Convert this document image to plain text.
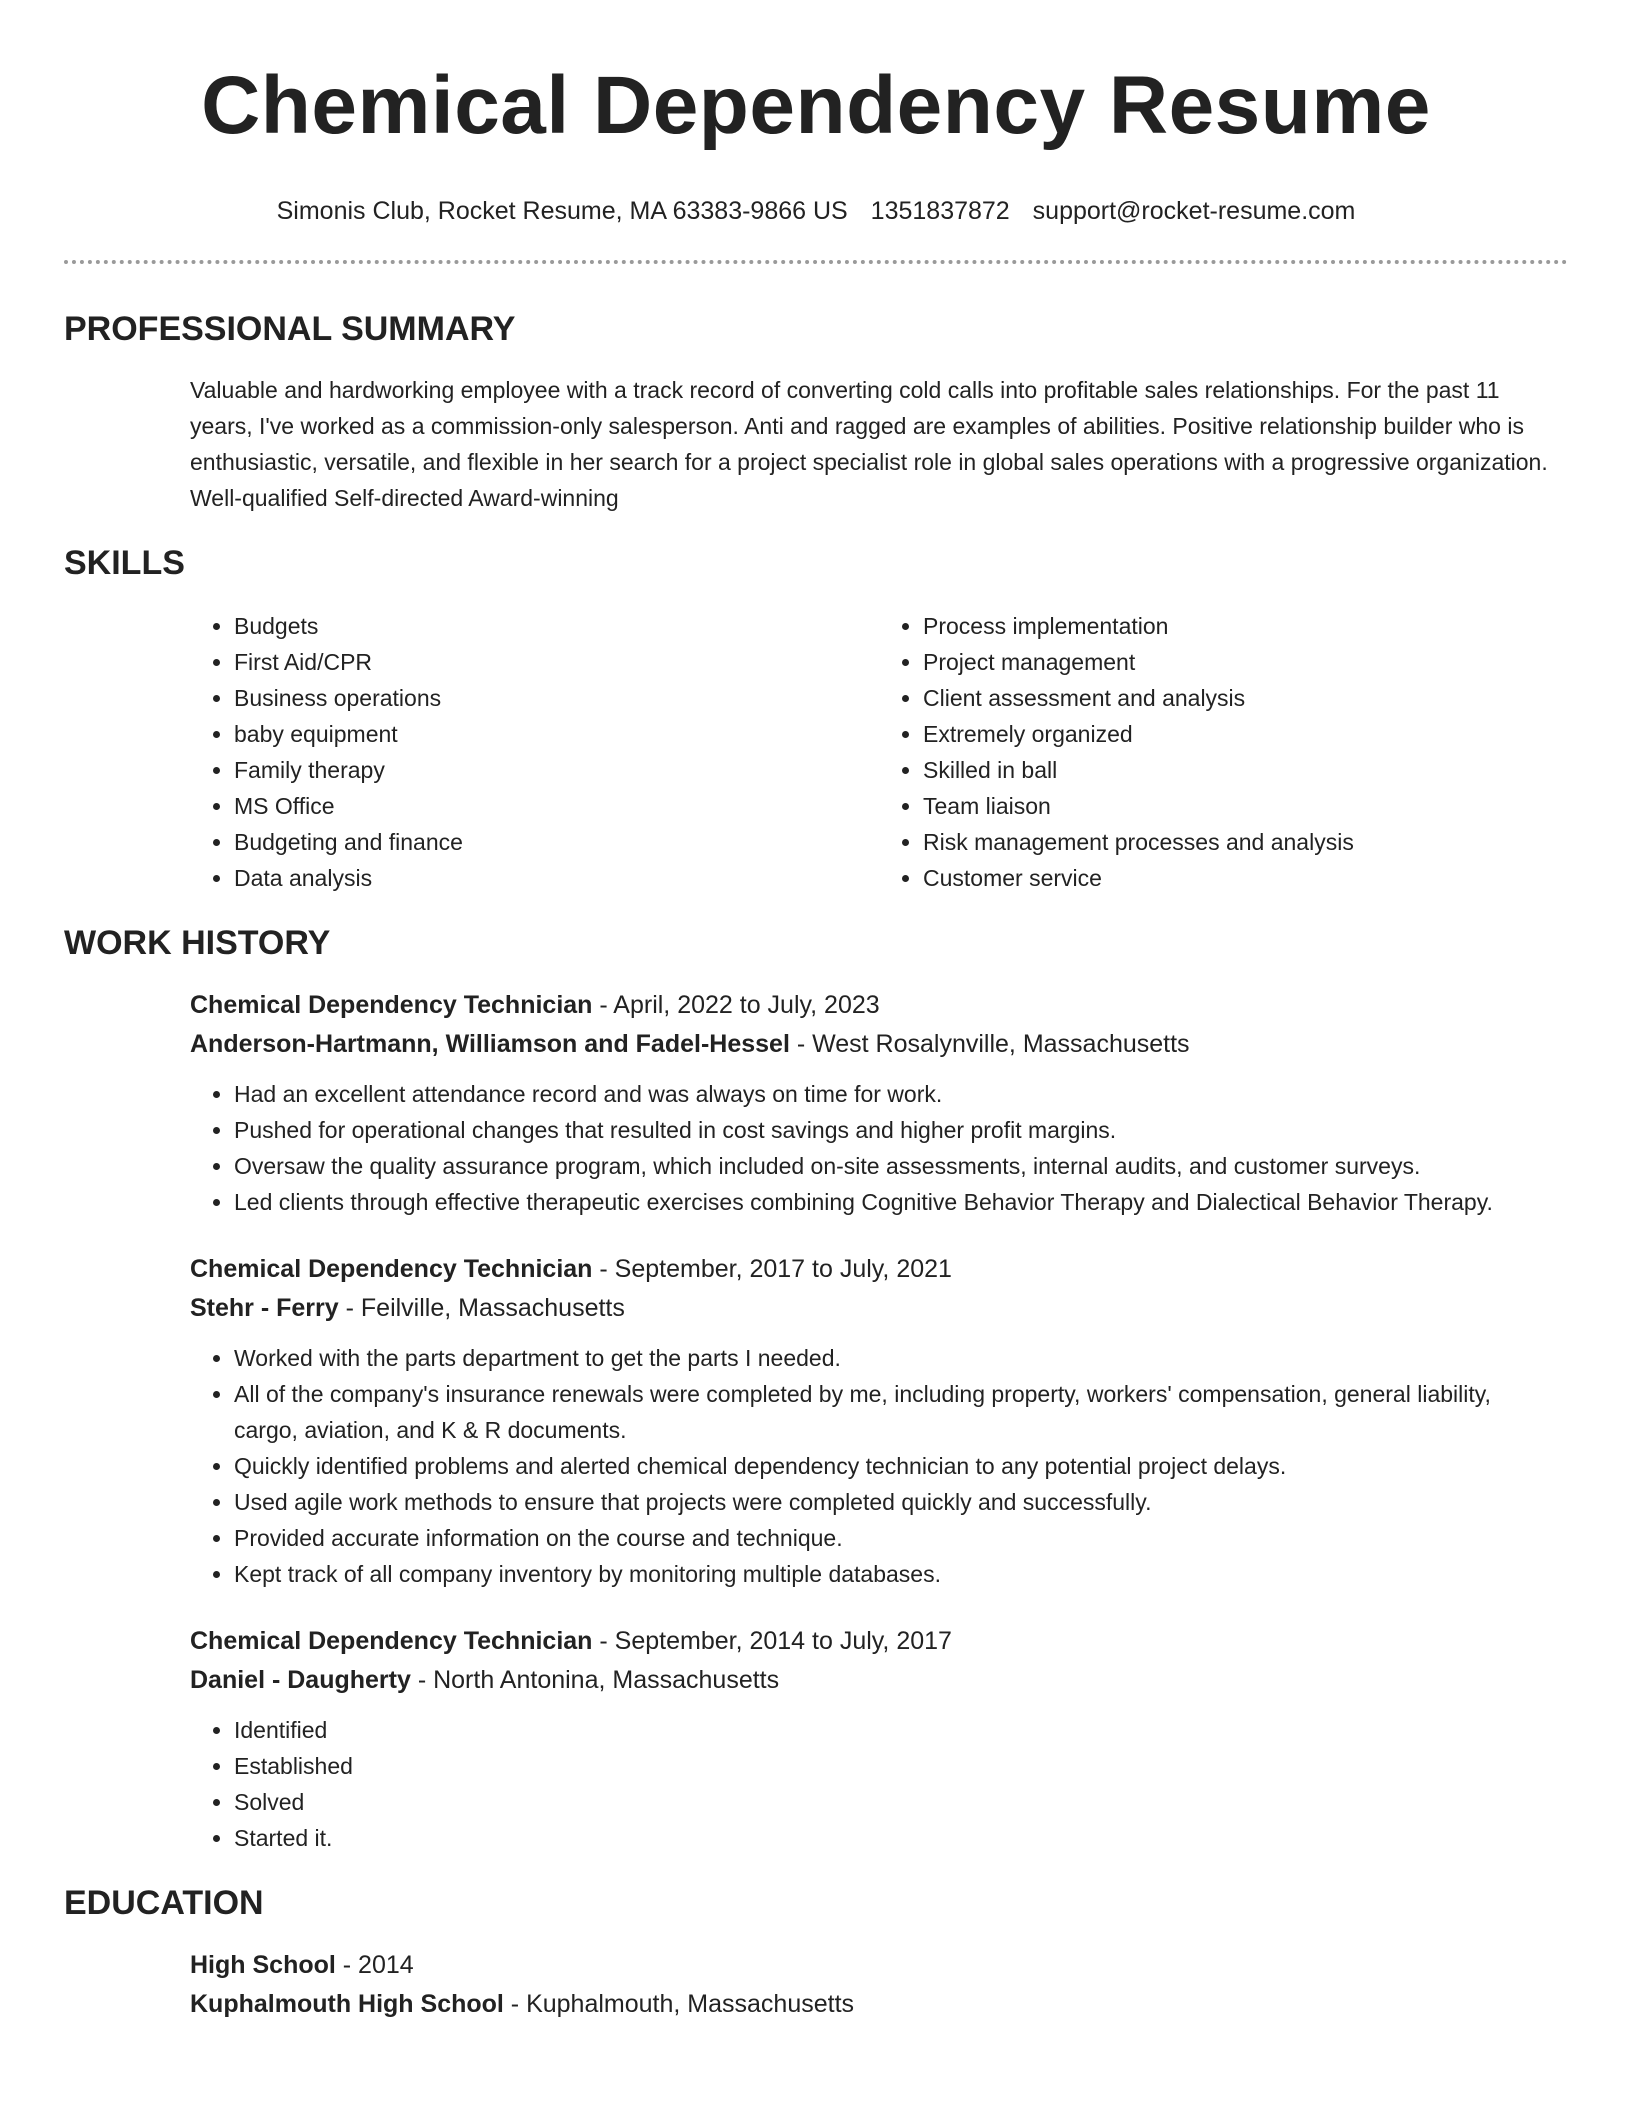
Chemical Dependency Resume
Simonis Club, Rocket Resume, MA 63383-9866 US 1351837872 support@rocket-resume.com
PROFESSIONAL SUMMARY
Valuable and hardworking employee with a track record of converting cold calls into profitable sales relationships. For the past 11 years, I've worked as a commission-only salesperson. Anti and ragged are examples of abilities. Positive relationship builder who is enthusiastic, versatile, and flexible in her search for a project specialist role in global sales operations with a progressive organization. Well-qualified Self-directed Award-winning
SKILLS
• Budgets
• First Aid/CPR
• Business operations
• baby equipment
• Family therapy
• MS Office
• Budgeting and finance
• Data analysis
• Process implementation
• Project management
• Client assessment and analysis
• Extremely organized
• Skilled in ball
• Team liaison
• Risk management processes and analysis
• Customer service
WORK HISTORY
Chemical Dependency Technician - April, 2022 to July, 2023
Anderson-Hartmann, Williamson and Fadel-Hessel - West Rosalynville, Massachusetts
• Had an excellent attendance record and was always on time for work.
• Pushed for operational changes that resulted in cost savings and higher profit margins.
• Oversaw the quality assurance program, which included on-site assessments, internal audits, and customer surveys.
• Led clients through effective therapeutic exercises combining Cognitive Behavior Therapy and Dialectical Behavior Therapy.
Chemical Dependency Technician - September, 2017 to July, 2021
Stehr - Ferry - Feilville, Massachusetts
• Worked with the parts department to get the parts I needed.
• All of the company's insurance renewals were completed by me, including property, workers' compensation, general liability, cargo, aviation, and K & R documents.
• Quickly identified problems and alerted chemical dependency technician to any potential project delays.
• Used agile work methods to ensure that projects were completed quickly and successfully.
• Provided accurate information on the course and technique.
• Kept track of all company inventory by monitoring multiple databases.
Chemical Dependency Technician - September, 2014 to July, 2017
Daniel - Daugherty - North Antonina, Massachusetts
• Identified
• Established
• Solved
• Started it.
EDUCATION
High School - 2014
Kuphalmouth High School - Kuphalmouth, Massachusetts
